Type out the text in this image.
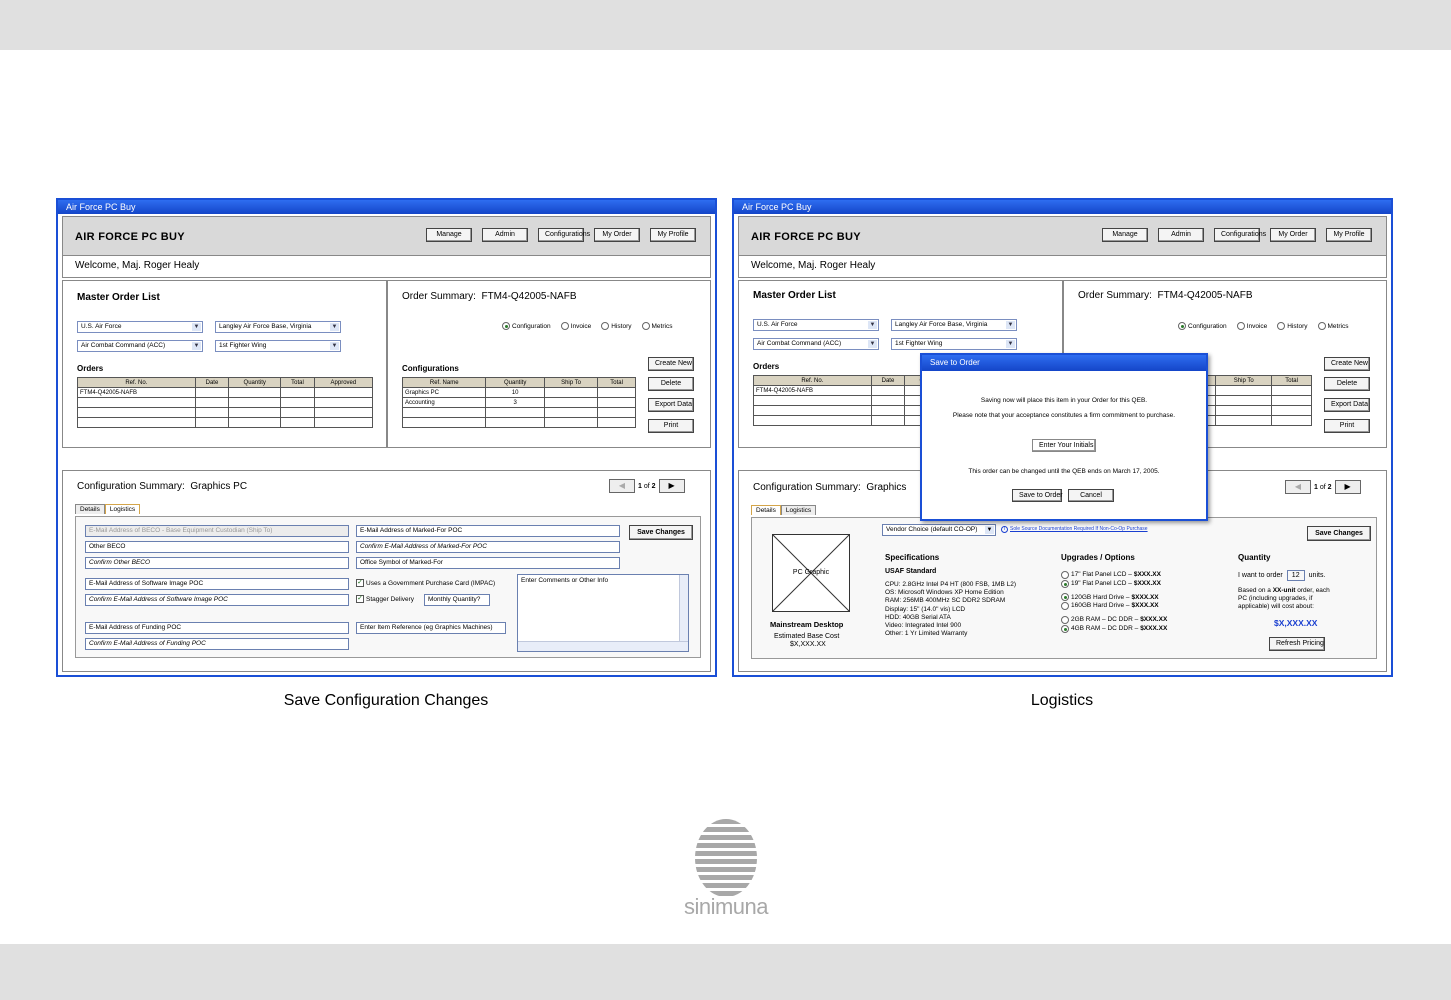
Air Force PC Buy
AIR FORCE PC BUY	Manage	Admin	Configurations	My Order	My Profile
Welcome, Maj. Roger Healy
Master Order List
U.S. Air Force	▼	Langley Air Force Base, Virginia	▼
Air Combat Command (ACC)	▼	1st Fighter Wing	▼
Orders
Ref. No.	Date	Quantity	Total	Approved
FTM4-Q42005-NAFB				

Order Summary: FTM4-Q42005-NAFB
Configuration	Invoice	History	Metrics
Configurations
Ref. Name	Quantity	Ship To	Total
Graphics PC	10		
Accounting	3		

Create New
Delete
Export Data
Print
Configuration Summary: Graphics PC	◀	1 of 2	▶
Details	Logistics
E-Mail Address of BECO - Base Equipment Custodian (Ship To)
Other BECO
Confirm Other BECO
E-Mail Address of Software Image POC
Confirm E-Mail Address of Software Image POC
E-Mail Address of Funding POC
Confirm E-Mail Address of Funding POC
E-Mail Address of Marked-For POC
Confirm E-Mail Address of Marked-For POC
Office Symbol of Marked-For
✓ Uses a Government Purchase Card (IMPAC)
✓ Stagger Delivery	Monthly Quantity?
Enter Item Reference (eg Graphics Machines)
Save Changes
Enter Comments or Other Info
Air Force PC Buy
AIR FORCE PC BUY	Manage	Admin	Configurations	My Order	My Profile
Welcome, Maj. Roger Healy
Master Order List
U.S. Air Force	▼	Langley Air Force Base, Virginia	▼
Air Combat Command (ACC)	▼	1st Fighter Wing	▼
Orders
Ref. No.	Date			
FTM4-Q42005-NAFB				

Order Summary: FTM4-Q42005-NAFB
Configuration	Invoice	History	Metrics
		Ship To	Total

Create New
Delete
Export Data
Print
Configuration Summary: Graphics	◀	1 of 2	▶
Details	Logistics
Vendor Choice (default CO-OP) ▼	i Sole Source Documentation Required If Non-Co-Op Purchase
PC Graphic
Mainstream Desktop
Estimated Base Cost
$X,XXX.XX
Specifications
USAF Standard
CPU: 2.8GHz Intel P4 HT (800 FSB, 1MB L2)
OS: Microsoft Windows XP Home Edition
RAM: 256MB 400MHz SC DDR2 SDRAM
Display: 15" (14.0" vis) LCD
HDD: 40GB Serial ATA
Video: Integrated Intel 900
Other: 1 Yr Limited Warranty
Upgrades / Options
17" Flat Panel LCD – $XXX.XX
19" Flat Panel LCD – $XXX.XX
120GB Hard Drive – $XXX.XX
160GB Hard Drive – $XXX.XX
2GB RAM – DC DDR – $XXX.XX
4GB RAM – DC DDR – $XXX.XX
Quantity
I want to order 12 units.
Based on a XX-unit order, each
PC (including upgrades, if
applicable) will cost about:
$X,XXX.XX
Refresh Pricing
Save Changes
Save to Order
Saving now will place this item in your Order for this QEB.
Please note that your acceptance constitutes a firm commitment to purchase.
Enter Your Initials
This order can be changed until the QEB ends on March 17, 2005.
Save to Order	Cancel
Save Configuration Changes	Logistics
sinimuna
